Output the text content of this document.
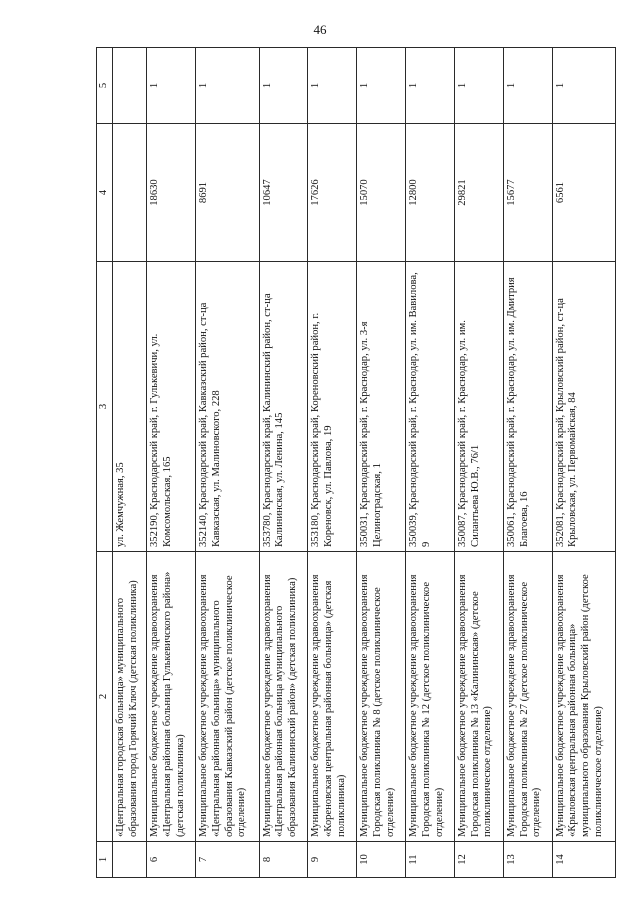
46
1	2	3	4	5
	«Центральная городская больница» муниципального образования город Горячий Ключ (детская поликлиника)	ул. Жемчужная, 35		
6	Муниципальное бюджетное учреждение здравоохранения «Центральная районная больница Гулькевичского района» (детская поликлиника)	352190, Краснодарский край, г. Гулькевичи, ул. Комсомольская, 165	18630	1
7	Муниципальное бюджетное учреждение здравоохранения «Центральная районная больница» муниципального образования Кавказский район (детское поликлиническое отделение)	352140, Краснодарский край, Кавказский район, ст-ца Кавказская, ул. Малиновского, 228	8691	1
8	Муниципальное бюджетное учреждение здравоохранения «Центральная районная больница муниципального образования Калининский район» (детская поликлиника)	353780, Краснодарский край, Калининский район, ст-ца Калининская, ул. Ленина, 145	10647	1
9	Муниципальное бюджетное учреждение здравоохранения «Кореновская центральная районная больница» (детская поликлиника)	353180, Краснодарский край, Кореновский район, г. Кореновск, ул. Павлова, 19	17626	1
10	Муниципальное бюджетное учреждение здравоохранения Городская поликлиника № 8 (детское поликлиническое отделение)	350031, Краснодарский край, г. Краснодар, ул. 3-я Целиноградская, 1	15070	1
11	Муниципальное бюджетное учреждение здравоохранения Городская поликлиника № 12 (детское поликлиническое отделение)	350039, Краснодарский край, г. Краснодар, ул. им. Вавилова, 9	12800	1
12	Муниципальное бюджетное учреждение здравоохранения Городская поликлиника № 13 «Калининская» (детское поликлиническое отделение)	350087, Краснодарский край, г. Краснодар, ул. им. Силантьева Ю.В., 76/1	29821	1
13	Муниципальное бюджетное учреждение здравоохранения Городская поликлиника № 27 (детское поликлиническое отделение)	350061, Краснодарский край, г. Краснодар, ул. им. Дмитрия Благоева, 16	15677	1
14	Муниципальное бюджетное учреждение здравоохранения «Крыловская центральная районная больница» муниципального образования Крыловский район (детское поликлиническое отделение)	352081, Краснодарский край, Крыловский район, ст-ца Крыловская, ул. Первомайская, 84	6561	1
